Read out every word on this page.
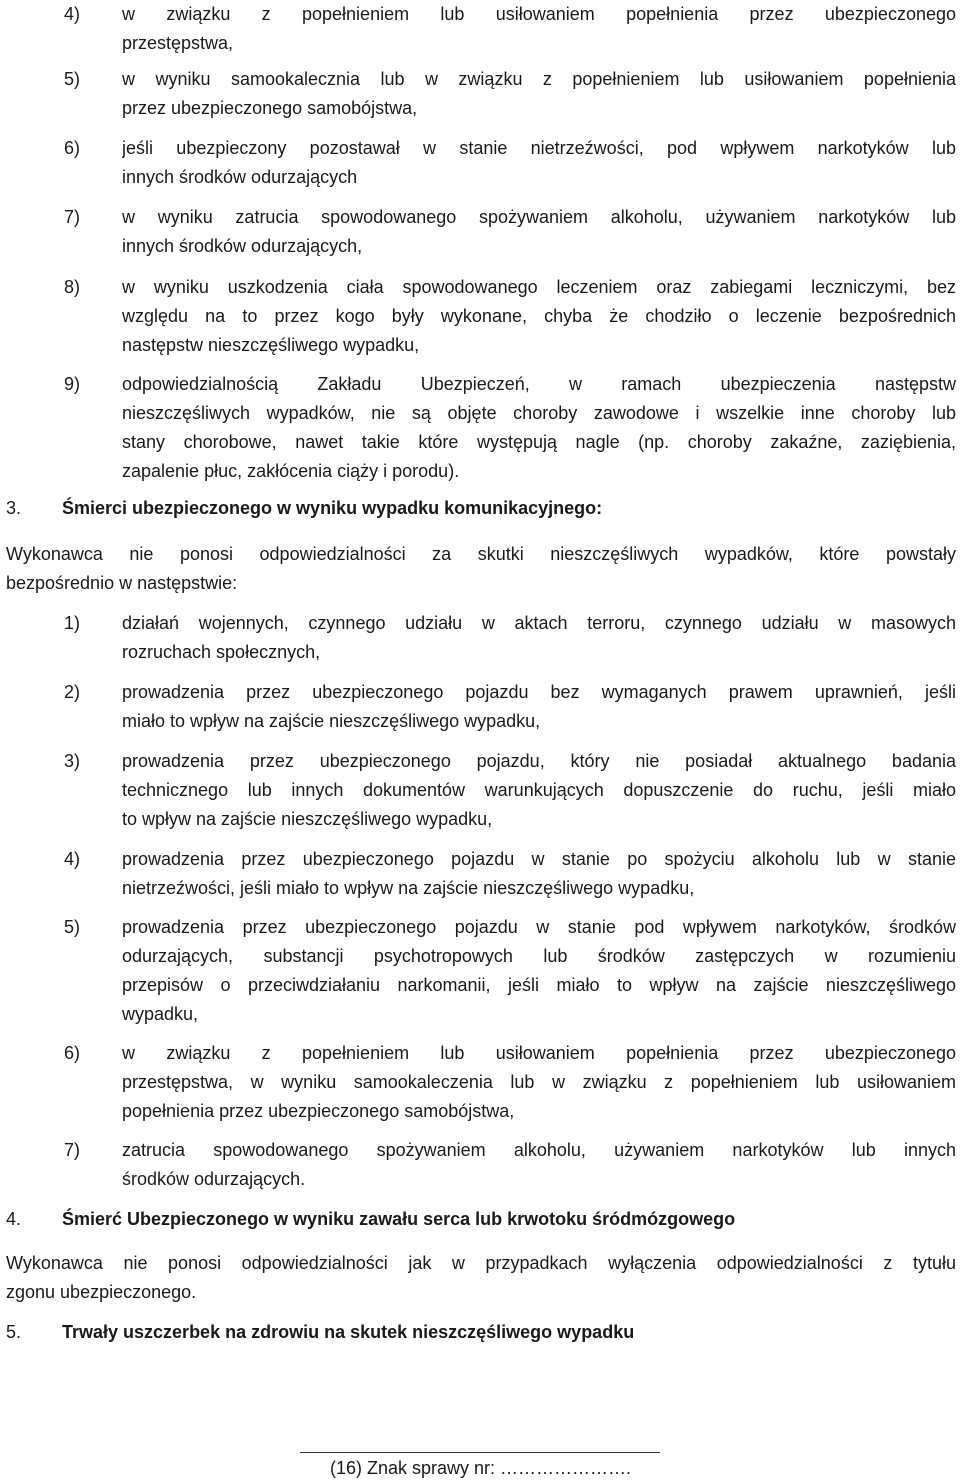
4) w związku z popełnieniem lub usiłowaniem popełnienia przez ubezpieczonego
przestępstwa,
5) w wyniku samookalecznia lub w związku z popełnieniem lub usiłowaniem popełnienia
przez ubezpieczonego samobójstwa,
6) jeśli ubezpieczony pozostawał w stanie nietrzeźwości, pod wpływem narkotyków lub
innych środków odurzających
7) w wyniku zatrucia spowodowanego spożywaniem alkoholu, używaniem narkotyków lub
innych środków odurzających,
8) w wyniku uszkodzenia ciała spowodowanego leczeniem oraz zabiegami leczniczymi, bez
względu na to przez kogo były wykonane, chyba że chodziło o leczenie bezpośrednich
następstw nieszczęśliwego wypadku,
9) odpowiedzialnością Zakładu Ubezpieczeń, w ramach ubezpieczenia następstw
nieszczęśliwych wypadków, nie są objęte choroby zawodowe i wszelkie inne choroby lub
stany chorobowe, nawet takie które występują nagle (np. choroby zakaźne, zaziębienia,
zapalenie płuc, zakłócenia ciąży i porodu).
3. Śmierci ubezpieczonego w wyniku wypadku komunikacyjnego:
Wykonawca nie ponosi odpowiedzialności za skutki nieszczęśliwych wypadków, które powstały
bezpośrednio w następstwie:
1) działań wojennych, czynnego udziału w aktach terroru, czynnego udziału w masowych
rozruchach społecznych,
2) prowadzenia przez ubezpieczonego pojazdu bez wymaganych prawem uprawnień, jeśli
miało to wpływ na zajście nieszczęśliwego wypadku,
3) prowadzenia przez ubezpieczonego pojazdu, który nie posiadał aktualnego badania
technicznego lub innych dokumentów warunkujących dopuszczenie do ruchu, jeśli miało
to wpływ na zajście nieszczęśliwego wypadku,
4) prowadzenia przez ubezpieczonego pojazdu w stanie po spożyciu alkoholu lub w stanie
nietrzeźwości, jeśli miało to wpływ na zajście nieszczęśliwego wypadku,
5) prowadzenia przez ubezpieczonego pojazdu w stanie pod wpływem narkotyków, środków
odurzających, substancji psychotropowych lub środków zastępczych w rozumieniu
przepisów o przeciwdziałaniu narkomanii, jeśli miało to wpływ na zajście nieszczęśliwego
wypadku,
6) w związku z popełnieniem lub usiłowaniem popełnienia przez ubezpieczonego
przestępstwa, w wyniku samookaleczenia lub w związku z popełnieniem lub usiłowaniem
popełnienia przez ubezpieczonego samobójstwa,
7) zatrucia spowodowanego spożywaniem alkoholu, używaniem narkotyków lub innych
środków odurzających.
4. Śmierć Ubezpieczonego w wyniku zawału serca lub krwotoku śródmózgowego
Wykonawca nie ponosi odpowiedzialności jak w przypadkach wyłączenia odpowiedzialności z tytułu
zgonu ubezpieczonego.
5. Trwały uszczerbek na zdrowiu na skutek nieszczęśliwego wypadku
(16) Znak sprawy nr: ………………….
